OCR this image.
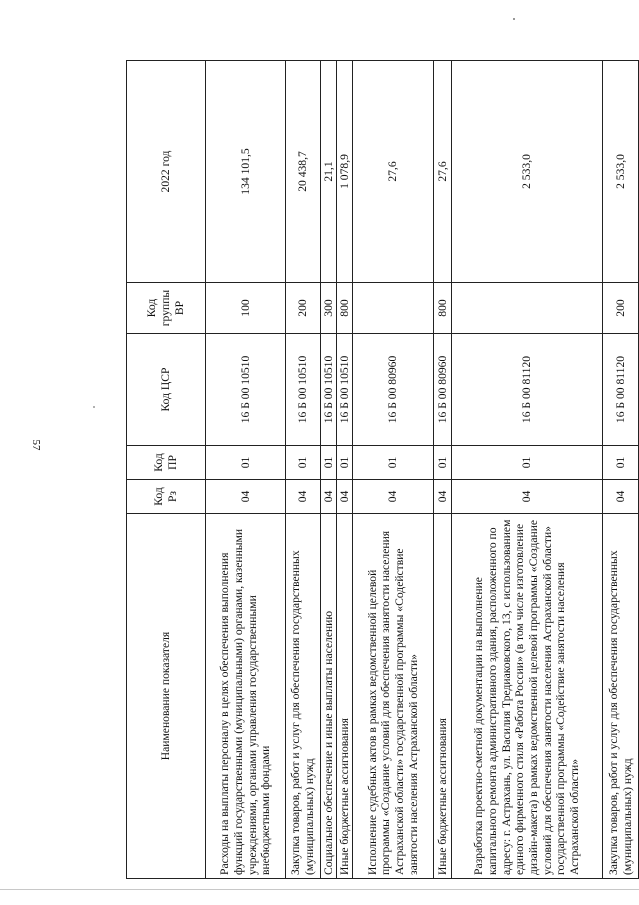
57
Наименование показателя	Код Рз	Код ПР	Код ЦСР	Код группы ВР	2022 год
Расходы на выплаты персоналу в целях обеспечения выполнения функций государственными (муниципальными) органами, казенными учреждениями, органами управления государственными внебюджетными фондами	04	01	16 Б 00 10510	100	134 101,5
Закупка товаров, работ и услуг для обеспечения государственных (муниципальных) нужд	04	01	16 Б 00 10510	200	20 438,7
Социальное обеспечение и иные выплаты населению	04	01	16 Б 00 10510	300	21,1
Иные бюджетные ассигнования	04	01	16 Б 00 10510	800	1 078,9
Исполнение судебных актов в рамках ведомственной целевой программы «Создание условий для обеспечения занятости населения Астраханской области» государственной программы «Содействие занятости населения Астраханской области»	04	01	16 Б 00 80960		27,6
Иные бюджетные ассигнования	04	01	16 Б 00 80960	800	27,6
Разработка проектно-сметной документации на выполнение капитального ремонта административного здания, расположенного по адресу: г. Астрахань, ул. Василия Тредиаковского, 13, с использованием единого фирменного стиля «Работа России» (в том числе изготовление дизайн-макета) в рамках ведомственной целевой программы «Создание условий для обеспечения занятости населения Астраханской области» государственной программы «Содействие занятости населения Астраханской области»	04	01	16 Б 00 81120		2 533,0
Закупка товаров, работ и услуг для обеспечения государственных (муниципальных) нужд	04	01	16 Б 00 81120	200	2 533,0
